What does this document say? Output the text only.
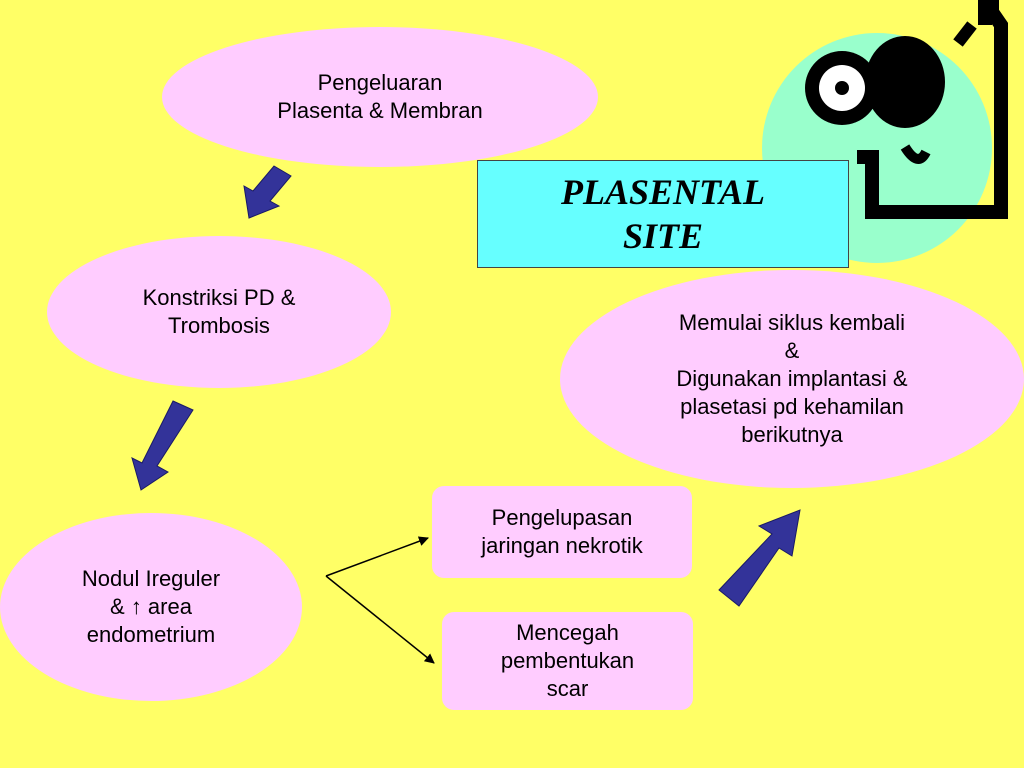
PLASENTAL
SITE
Pengeluaran
Plasenta & Membran
Konstriksi PD &
Trombosis
Nodul Ireguler
& ↑ area
endometrium
Pengelupasan
jaringan nekrotik
Mencegah
pembentukan
scar
Memulai siklus kembali
&
Digunakan implantasi &
plasetasi pd kehamilan
berikutnya
